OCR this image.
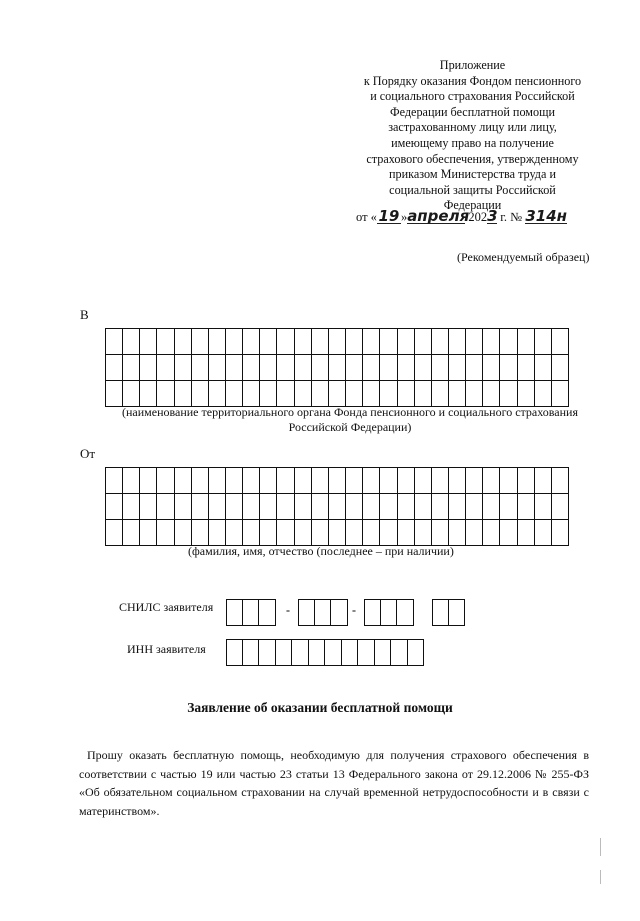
Приложение
к Порядку оказания Фондом пенсионного
и социального страхования Российской
Федерации бесплатной помощи
застрахованному лицу или лицу,
имеющему право на получение
страхового обеспечения, утвержденному
приказом Министерства труда и
социальной защиты Российской
Федерации
от « 19 »апреля 2023 г. № 314н
(Рекомендуемый образец)
В
(наименование территориального органа Фонда пенсионного и социального страхования
Российской Федерации)
От
(фамилия, имя, отчество (последнее – при наличии)
СНИЛС заявителя	-	-
ИНН заявителя
Заявление об оказании бесплатной помощи
Прошу оказать бесплатную помощь, необходимую для получения страхового обеспечения в соответствии с частью 19 или частью 23 статьи 13 Федерального закона от 29.12.2006 № 255-ФЗ «Об обязательном социальном страховании на случай временной нетрудоспособности и в связи с материнством».
